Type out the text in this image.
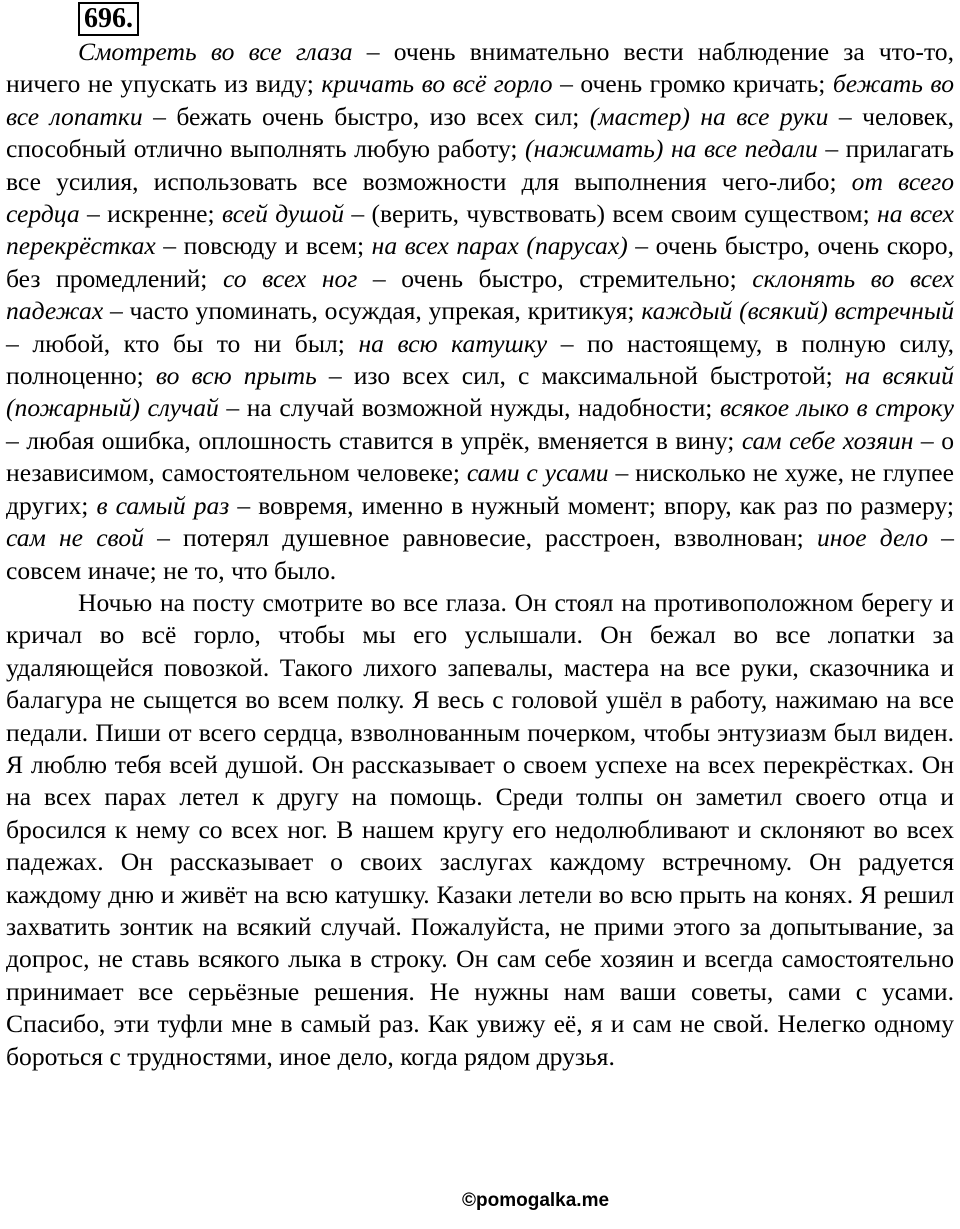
696.

Смотреть во все глаза – очень внимательно вести наблюдение за что-то, ничего не упускать из виду; кричать во всё горло – очень громко кричать; бежать во все лопатки – бежать очень быстро, изо всех сил; (мастер) на все руки – человек, способный отлично выполнять любую работу; (нажимать) на все педали – прилагать все усилия, использовать все возможности для выполнения чего-либо; от всего сердца – искренне; всей душой – (верить, чувствовать) всем своим существом; на всех перекрёстках – повсюду и всем; на всех парах (парусах) – очень быстро, очень скоро, без промедлений; со всех ног – очень быстро, стремительно; склонять во всех падежах – часто упоминать, осуждая, упрекая, критикуя; каждый (всякий) встречный – любой, кто бы то ни был; на всю катушку – по настоящему, в полную силу, полноценно; во всю прыть – изо всех сил, с максимальной быстротой; на всякий (пожарный) случай – на случай возможной нужды, надобности; всякое лыко в строку – любая ошибка, оплошность ставится в упрёк, вменяется в вину; сам себе хозяин – о независимом, самостоятельном человеке; сами с усами – нисколько не хуже, не глупее других; в самый раз – вовремя, именно в нужный момент; впору, как раз по размеру; сам не свой – потерял душевное равновесие, расстроен, взволнован; иное дело – совсем иначе; не то, что было.

Ночью на посту смотрите во все глаза. Он стоял на противоположном берегу и кричал во всё горло, чтобы мы его услышали. Он бежал во все лопатки за удаляющейся повозкой. Такого лихого запевалы, мастера на все руки, сказочника и балагура не сыщется во всем полку. Я весь с головой ушёл в работу, нажимаю на все педали. Пиши от всего сердца, взволнованным почерком, чтобы энтузиазм был виден. Я люблю тебя всей душой. Он рассказывает о своем успехе на всех перекрёстках. Он на всех парах летел к другу на помощь. Среди толпы он заметил своего отца и бросился к нему со всех ног. В нашем кругу его недолюбливают и склоняют во всех падежах. Он рассказывает о своих заслугах каждому встречному. Он радуется каждому дню и живёт на всю катушку. Казаки летели во всю прыть на конях. Я решил захватить зонтик на всякий случай. Пожалуйста, не прими этого за допытывание, за допрос, не ставь всякого лыка в строку. Он сам себе хозяин и всегда самостоятельно принимает все серьёзные решения. Не нужны нам ваши советы, сами с усами. Спасибо, эти туфли мне в самый раз. Как увижу её, я и сам не свой. Нелегко одному бороться с трудностями, иное дело, когда рядом друзья.

©pomogalka.me
